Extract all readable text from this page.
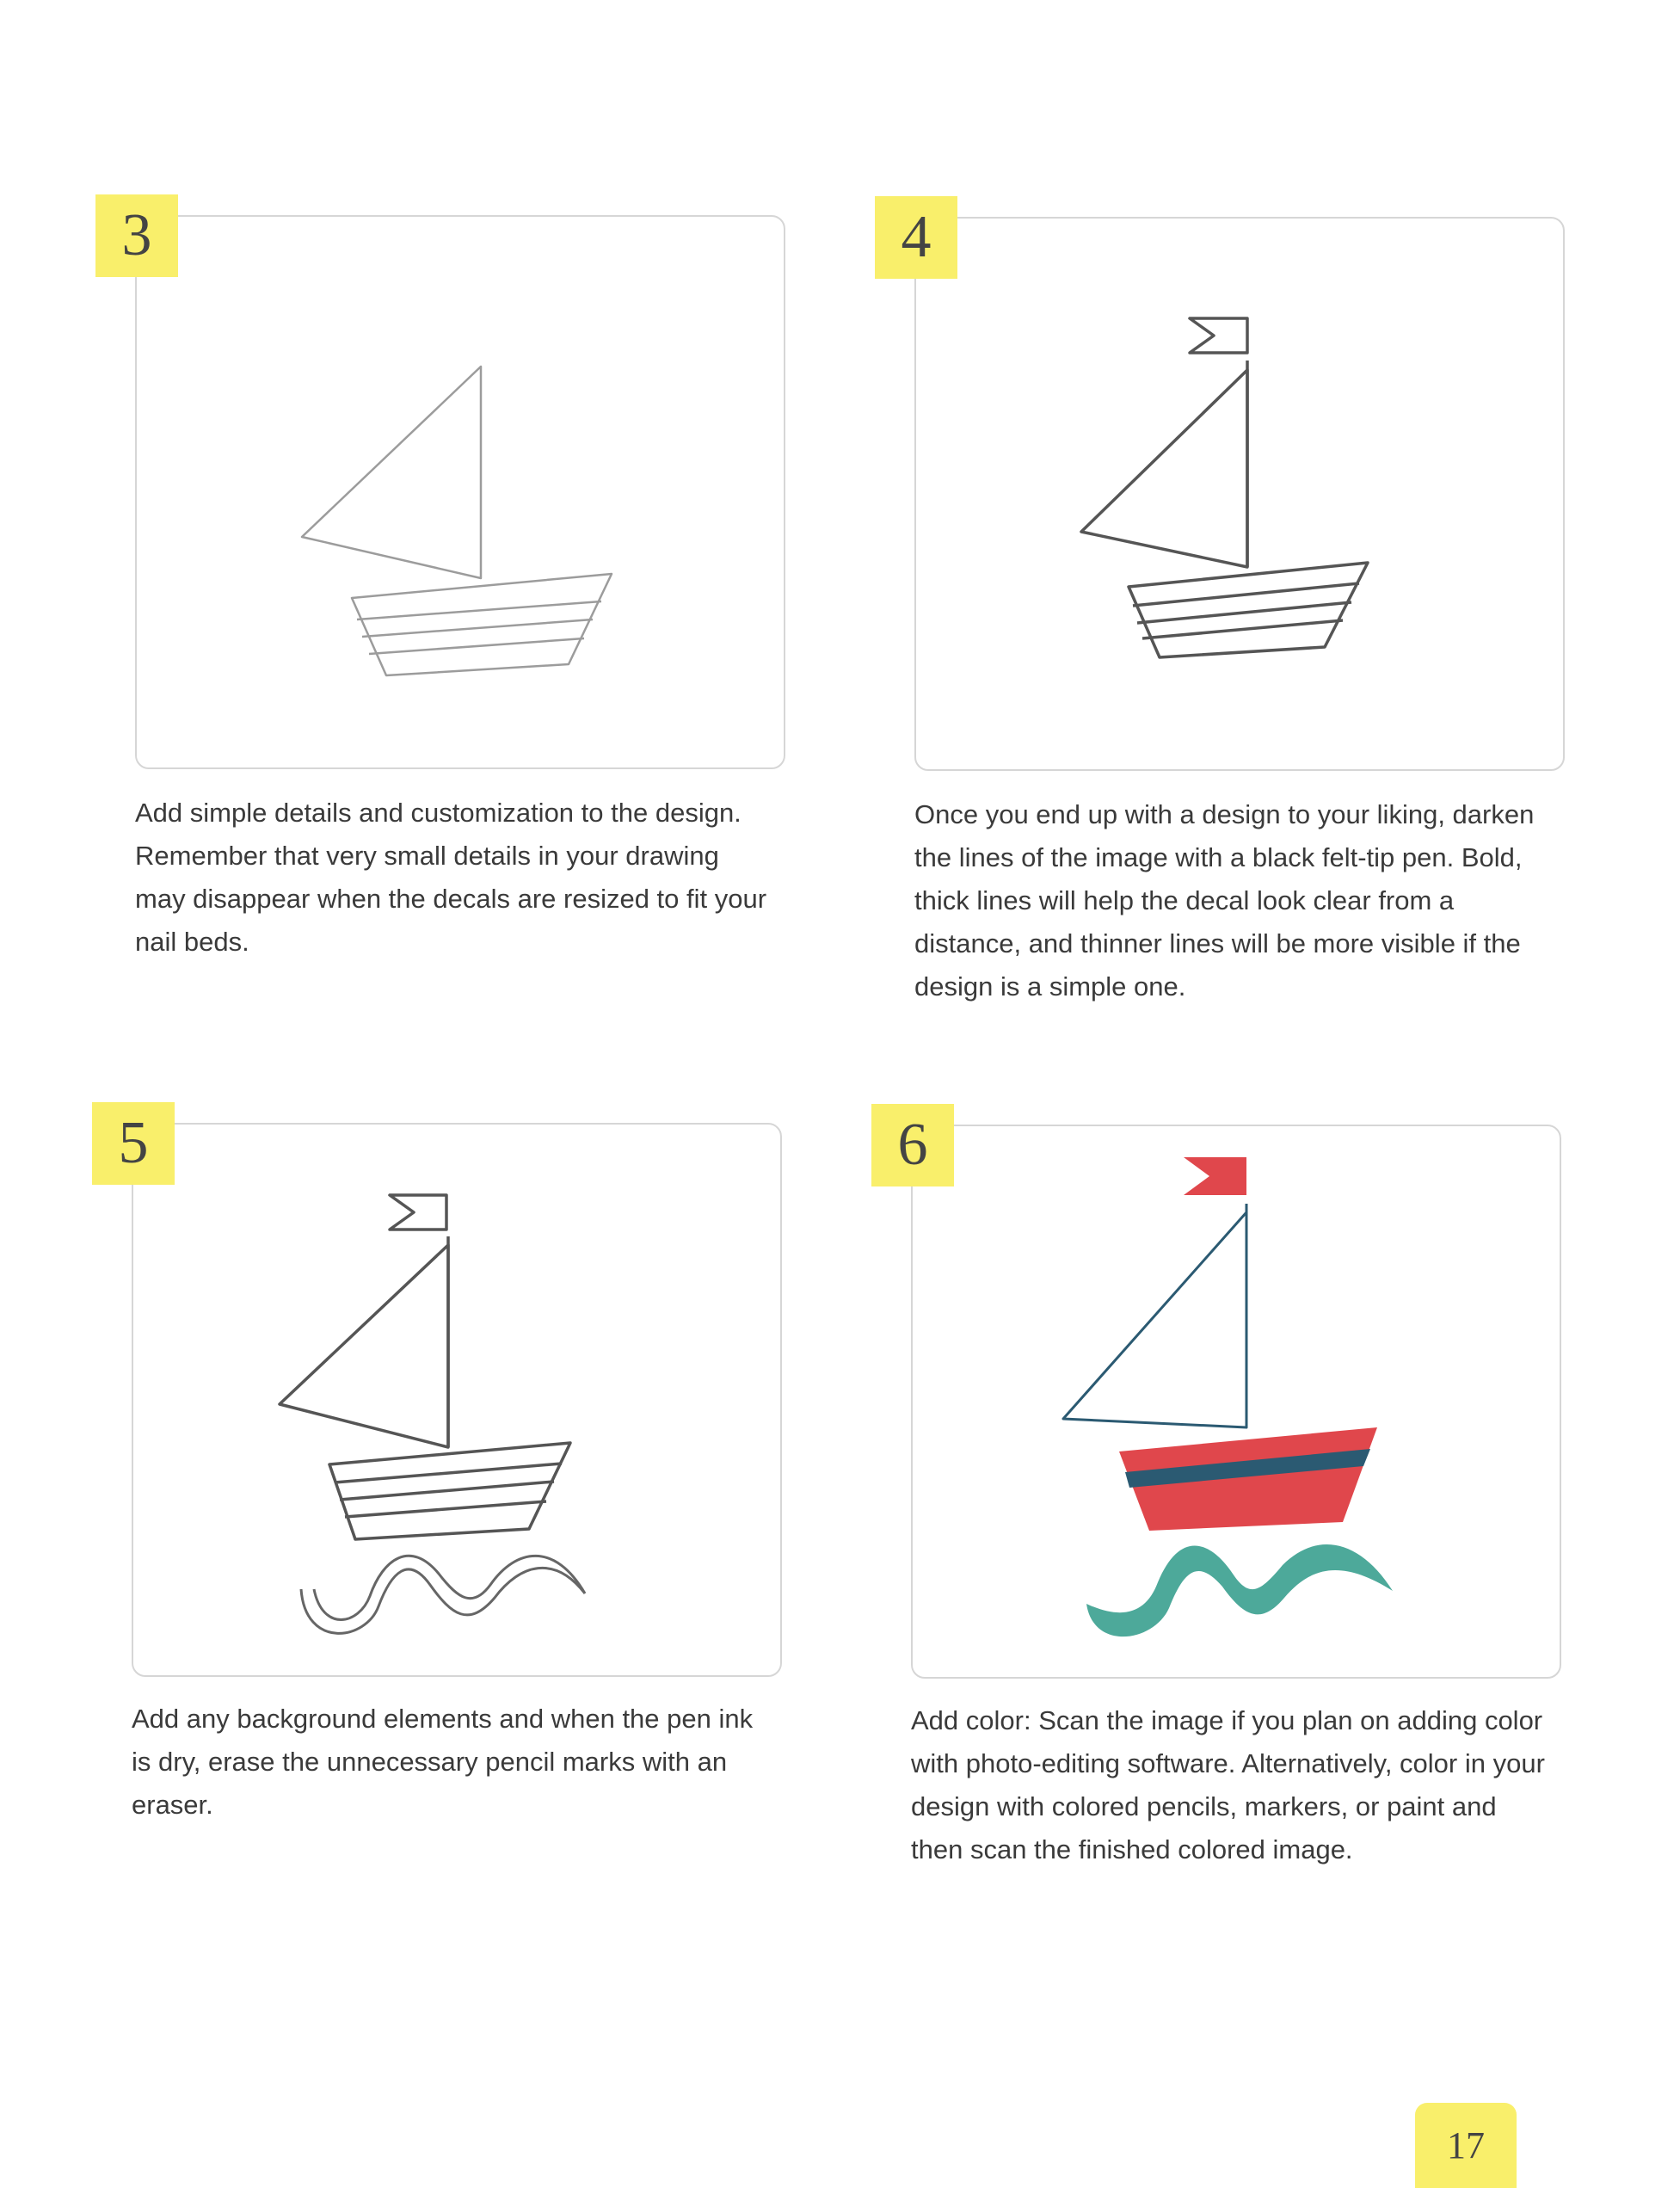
3
Add simple details and customization to the design. Remember that very small details in your drawing may disappear when the decals are resized to fit your nail beds.
4
Once you end up with a design to your liking, darken the lines of the image with a black felt-tip pen. Bold, thick lines will help the decal look clear from a distance, and thinner lines will be more visible if the design is a simple one.
5
Add any background elements and when the pen ink is dry, erase the unnecessary pencil marks with an eraser.
6
Add color: Scan the image if you plan on adding color with photo-editing software. Alternatively, color in your design with colored pencils, markers, or paint and then scan the finished colored image.
17
